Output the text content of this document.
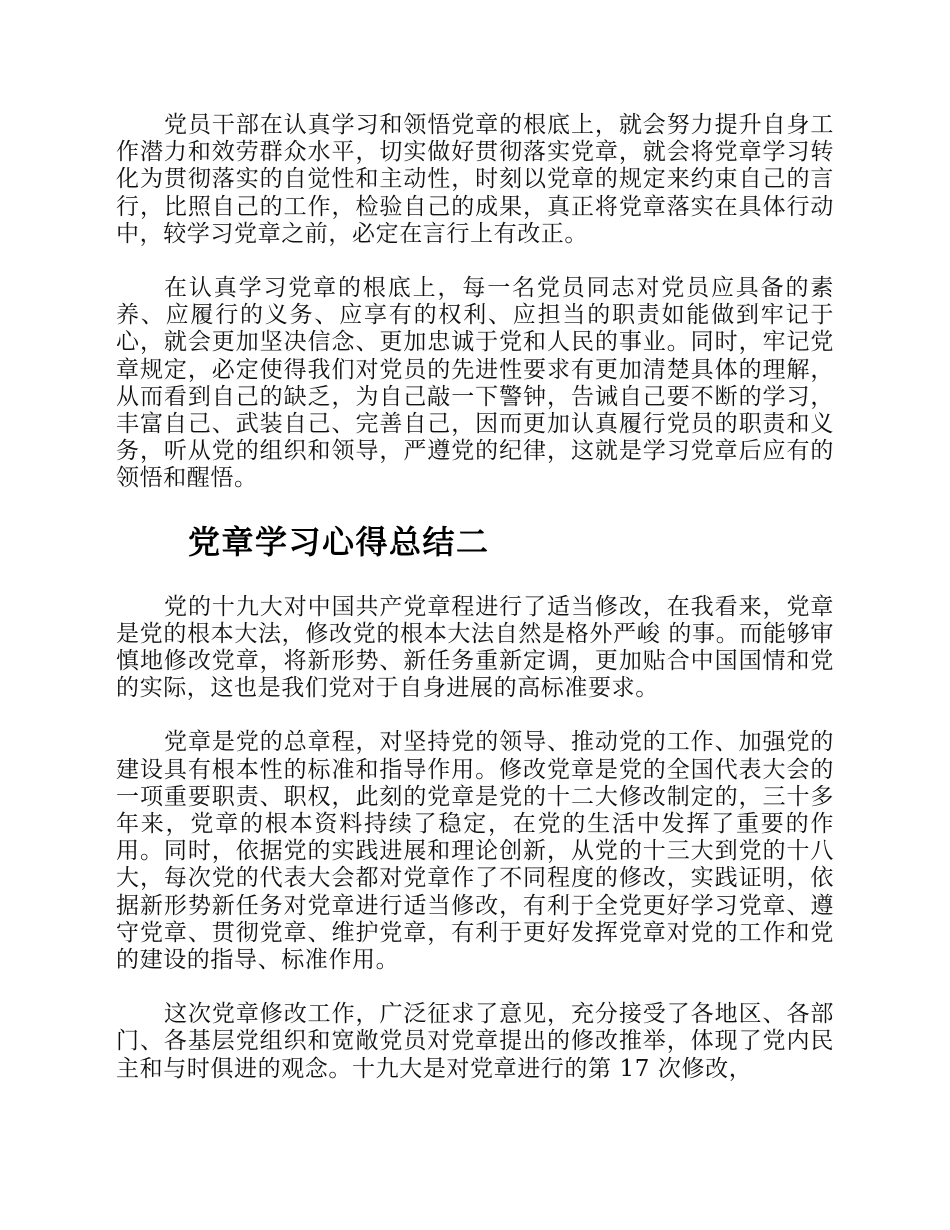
党员干部在认真学习和领悟党章的根底上，就会努力提升自身工作潜力和效劳群众水平，切实做好贯彻落实党章，就会将党章学习转化为贯彻落实的自觉性和主动性，时刻以党章的规定来约束自己的言行，比照自己的工作，检验自己的成果，真正将党章落实在具体行动中，较学习党章之前，必定在言行上有改正。

在认真学习党章的根底上，每一名党员同志对党员应具备的素养、应履行的义务、应享有的权利、应担当的职责如能做到牢记于心，就会更加坚决信念、更加忠诚于党和人民的事业。同时，牢记党章规定，必定使得我们对党员的先进性要求有更加清楚具体的理解，从而看到自己的缺乏，为自己敲一下警钟，告诫自己要不断的学习，丰富自己、武装自己、完善自己，因而更加认真履行党员的职责和义务，听从党的组织和领导，严遵党的纪律，这就是学习党章后应有的领悟和醒悟。

党章学习心得总结二

党的十九大对中国共产党章程进行了适当修改，在我看来，党章是党的根本大法，修改党的根本大法自然是格外严峻 的事。而能够审慎地修改党章，将新形势、新任务重新定调，更加贴合中国国情和党的实际，这也是我们党对于自身进展的高标准要求。

党章是党的总章程，对坚持党的领导、推动党的工作、加强党的建设具有根本性的标准和指导作用。修改党章是党的全国代表大会的一项重要职责、职权，此刻的党章是党的十二大修改制定的，三十多年来，党章的根本资料持续了稳定，在党的生活中发挥了重要的作用。同时，依据党的实践进展和理论创新，从党的十三大到党的十八大，每次党的代表大会都对党章作了不同程度的修改，实践证明，依据新形势新任务对党章进行适当修改，有利于全党更好学习党章、遵守党章、贯彻党章、维护党章，有利于更好发挥党章对党的工作和党的建设的指导、标准作用。

这次党章修改工作，广泛征求了意见，充分接受了各地区、各部门、各基层党组织和宽敞党员对党章提出的修改推举，体现了党内民主和与时俱进的观念。十九大是对党章进行的第 17 次修改，
